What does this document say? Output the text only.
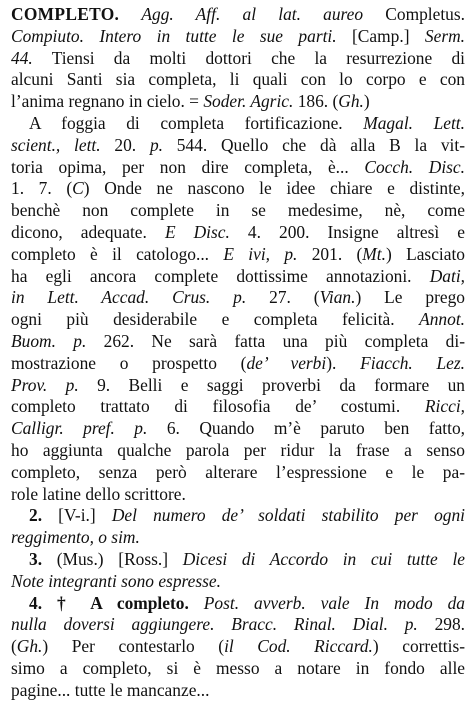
COMPLETO. Agg. Aff. al lat. aureo Completus.
Compiuto. Intero in tutte le sue parti. [Camp.] Serm.
44. Tiensi da molti dottori che la resurrezione di
alcuni Santi sia completa, li quali con lo corpo e con
l’anima regnano in cielo. = Soder. Agric. 186. (Gh.)
A foggia di completa fortificazione. Magal. Lett.
scient., lett. 20. p. 544. Quello che dà alla B la vit-
toria opima, per non dire completa, è... Cocch. Disc.
1. 7. (C) Onde ne nascono le idee chiare e distinte,
benchè non complete in se medesime, nè, come
dicono, adequate. E Disc. 4. 200. Insigne altresì e
completo è il catologo... E ivi, p. 201. (Mt.) Lasciato
ha egli ancora complete dottissime annotazioni. Dati,
in Lett. Accad. Crus. p. 27. (Vian.) Le prego
ogni più desiderabile e completa felicità. Annot.
Buom. p. 262. Ne sarà fatta una più completa di-
mostrazione o prospetto (de’ verbi). Fiacch. Lez.
Prov. p. 9. Belli e saggi proverbi da formare un
completo trattato di filosofia de’ costumi. Ricci,
Calligr. pref. p. 6. Quando m’è paruto ben fatto,
ho aggiunta qualche parola per ridur la frase a senso
completo, senza però alterare l’espressione e le pa-
role latine dello scrittore.
2. [V-i.] Del numero de’ soldati stabilito per ogni
reggimento, o sim.
3. (Mus.) [Ross.] Dicesi di Accordo in cui tutte le
Note integranti sono espresse.
4. † A completo. Post. avverb. vale In modo da
nulla doversi aggiungere. Bracc. Rinal. Dial. p. 298.
(Gh.) Per contestarlo (il Cod. Riccard.) correttis-
simo a completo, si è messo a notare in fondo alle
pagine... tutte le mancanze...
